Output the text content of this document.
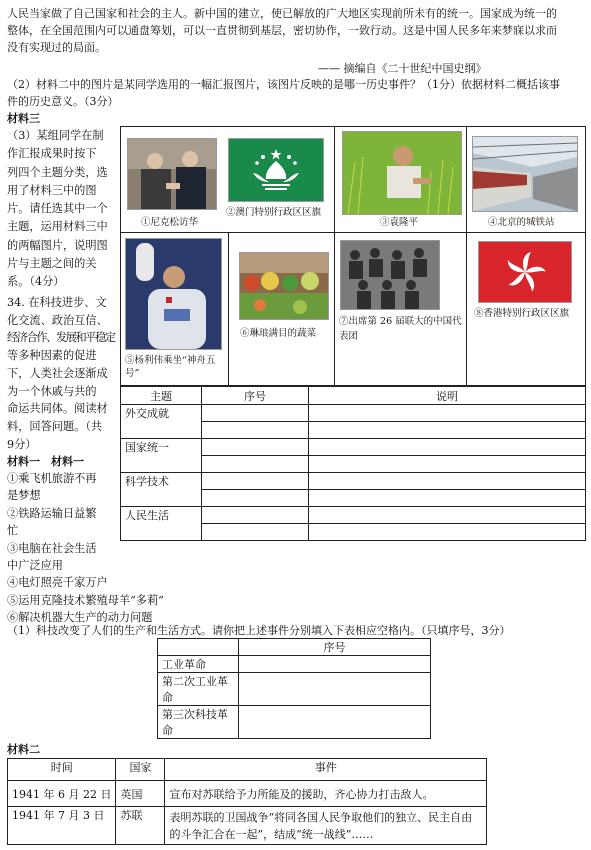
人民当家做了自己国家和社会的主人。新中国的建立，使已解放的广大地区实现前所未有的统一。国家成为统一的
整体，在全国范围内可以通盘筹划，可以一直贯彻到基层，密切协作，一致行动。这是中国人民多年来梦寐以求而
没有实现过的局面。
—— 摘编自《二十世纪中国史纲》
（2）材料二中的图片是某同学选用的一幅汇报图片，该图片反映的是哪一历史事件？（1分）依据材料二概括该事
件的历史意义。（3分）
材料三
（3）某组同学在制
作汇报成果时按下
列四个主题分类，选
用了材料三中的图
片。请任选其中一个
主题，运用材料三中
的两幅图片，说明图
片与主题之间的关
系。（4分）
34. 在科技进步、文
化交流、政治互信、
经济合作、发展和平稳定
等多种因素的促进
下，人类社会逐渐成
为一个休戚与共的
命运共同体。阅读材
料，回答问题。（共
9分）
材料一　材料一
①乘飞机旅游不再
是梦想
②铁路运输日益繁
忙
③电脑在社会生活
中广泛应用
④电灯照亮千家万户
⑤运用克隆技术繁殖母羊“多莉”
⑥解决机器大生产的动力问题
①尼克松访华
②澳门特别行政区区旗
③袁隆平	④北京的城铁站
⑤杨利伟乘坐“神舟五号”
⑥琳琅满目的蔬菜
⑦出席第 26 届联大的中国代表团
⑧香港特别行政区区旗
主题	序号	说明
外交成就		

国家统一		

科学技术		

人民生活		

（1）科技改变了人们的生产和生活方式。请你把上述事件分别填入下表相应空格内。（只填序号，3分）
	序号
工业革命	
第二次工业革命	
第三次科技革命	
材料二
时间	国家	事件
1941 年 6 月 22 日	英国	宣布对苏联给予力所能及的援助，齐心协力打击敌人。
1941 年 7 月 3 日	苏联	表明苏联的卫国战争“将同各国人民争取他们的独立、民主自由的斗争汇合在一起”，结成“统一战线”……
